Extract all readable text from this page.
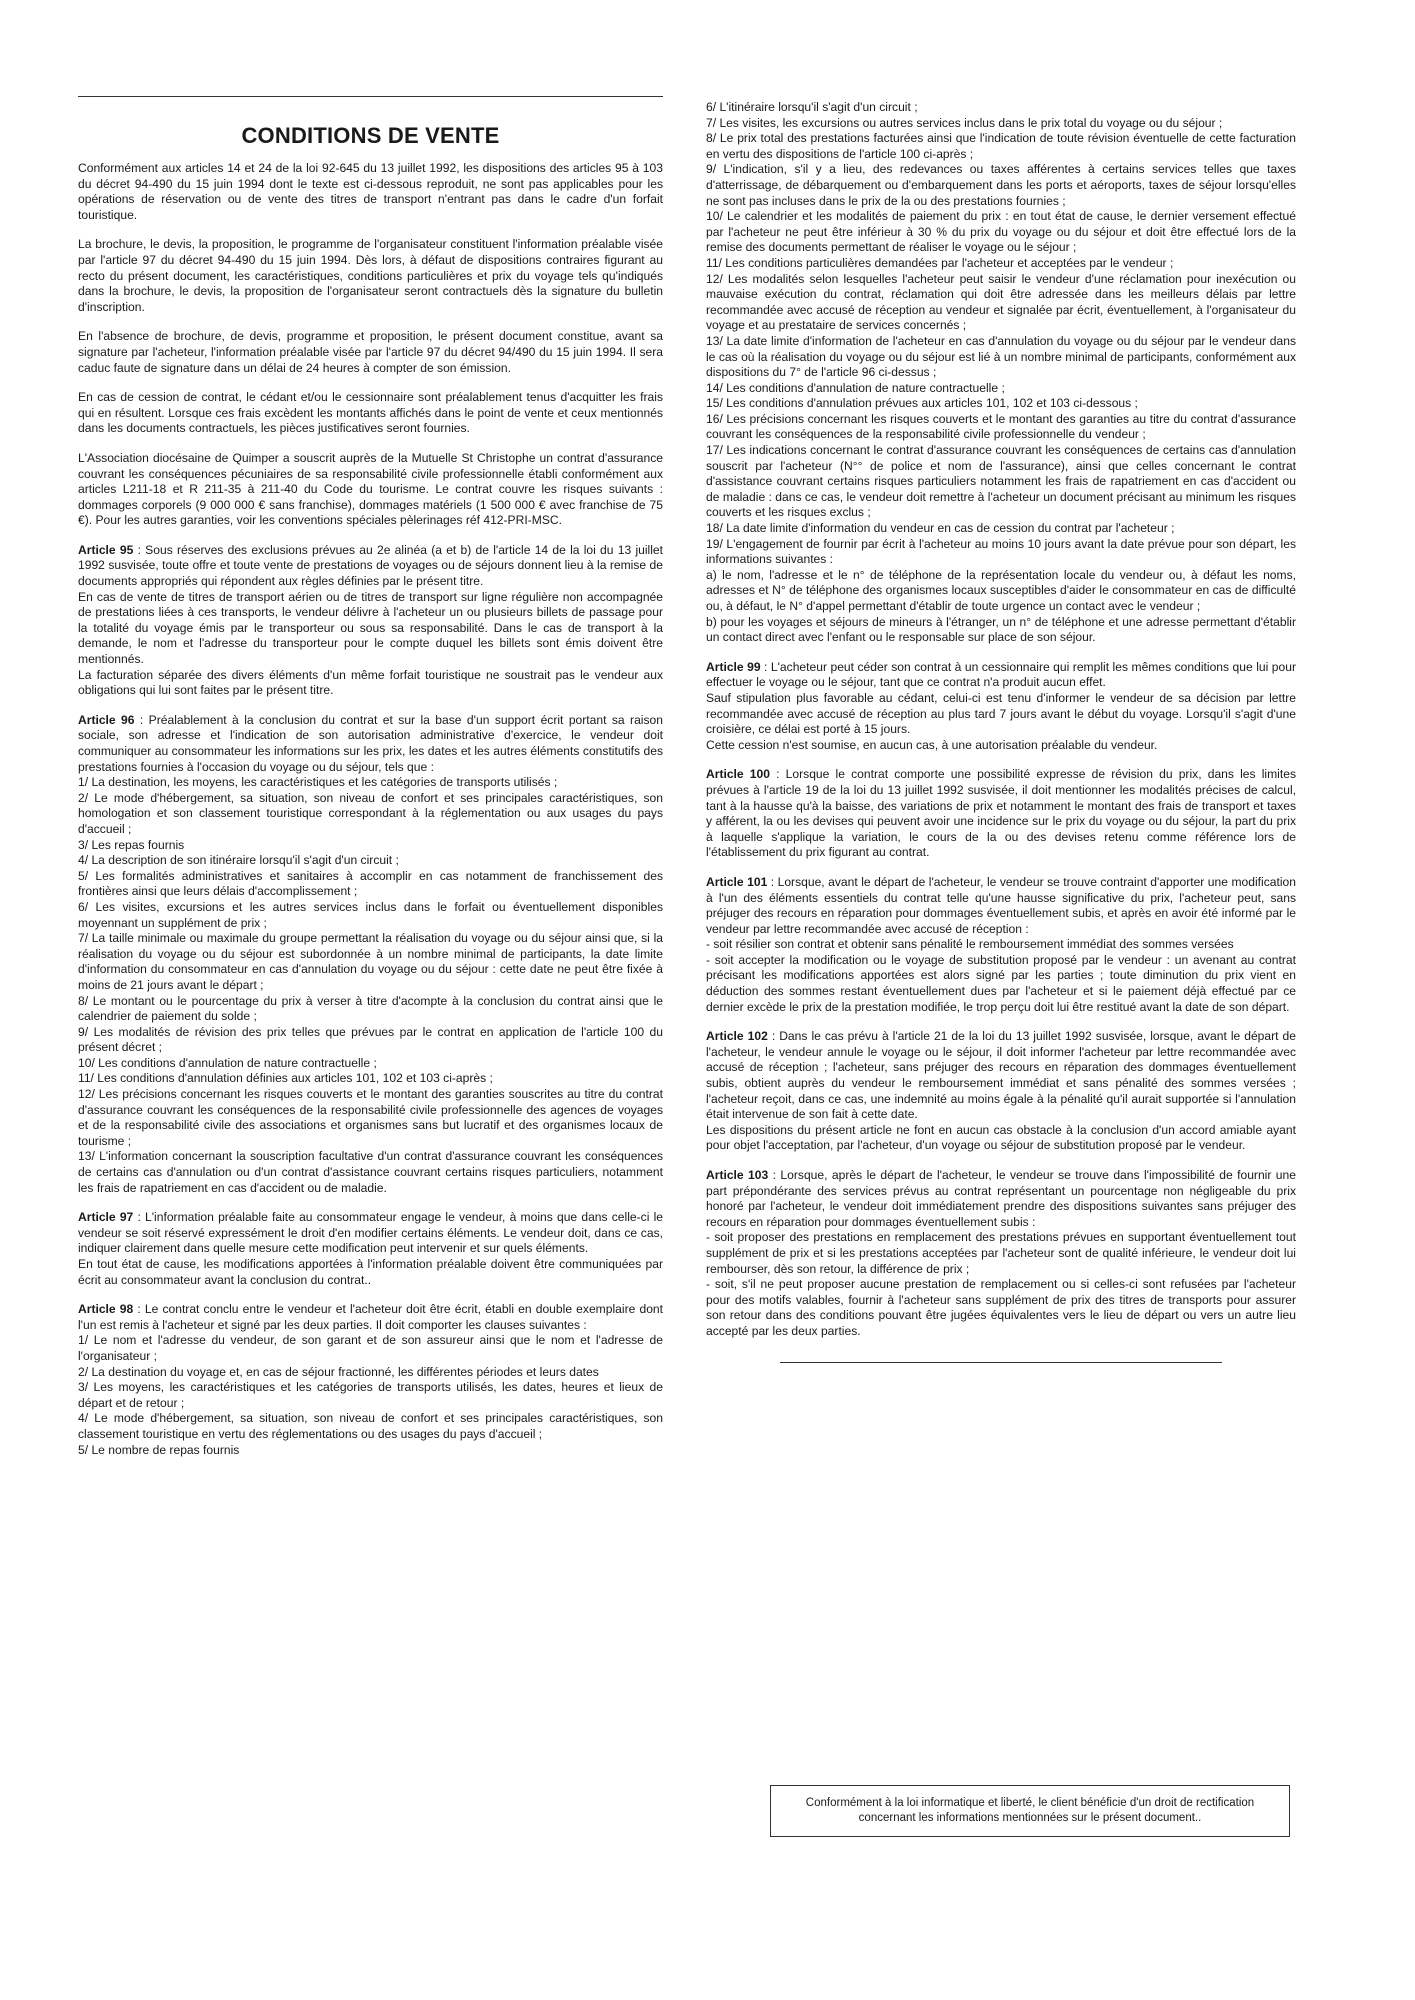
CONDITIONS DE VENTE
Conformément aux articles 14 et 24 de la loi 92-645 du 13 juillet 1992, les dispositions des articles 95 à 103 du décret 94-490 du 15 juin 1994 dont le texte est ci-dessous reproduit, ne sont pas applicables pour les opérations de réservation ou de vente des titres de transport n'entrant pas dans le cadre d'un forfait touristique.
La brochure, le devis, la proposition, le programme de l'organisateur constituent l'information préalable visée par l'article 97 du décret 94-490 du 15 juin 1994. Dès lors, à défaut de dispositions contraires figurant au recto du présent document, les caractéristiques, conditions particulières et prix du voyage tels qu'indiqués dans la brochure, le devis, la proposition de l'organisateur seront contractuels dès la signature du bulletin d'inscription.
En l'absence de brochure, de devis, programme et proposition, le présent document constitue, avant sa signature par l'acheteur, l'information préalable visée par l'article 97 du décret 94/490 du 15 juin 1994. Il sera caduc faute de signature dans un délai de 24 heures à compter de son émission.
En cas de cession de contrat, le cédant et/ou le cessionnaire sont préalablement tenus d'acquitter les frais qui en résultent. Lorsque ces frais excèdent les montants affichés dans le point de vente et ceux mentionnés dans les documents contractuels, les pièces justificatives seront fournies.
L'Association diocésaine de Quimper a souscrit auprès de la Mutuelle St Christophe un contrat d'assurance couvrant les conséquences pécuniaires de sa responsabilité civile professionnelle établi conformément aux articles L211-18 et R 211-35 à 211-40 du Code du tourisme. Le contrat couvre les risques suivants : dommages corporels (9 000 000 € sans franchise), dommages matériels (1 500 000 € avec franchise de 75 €). Pour les autres garanties, voir les conventions spéciales pèlerinages réf 412-PRI-MSC.
Article 95 : Sous réserves des exclusions prévues au 2e alinéa (a et b) de l'article 14 de la loi du 13 juillet 1992 susvisée, toute offre et toute vente de prestations de voyages ou de séjours donnent lieu à la remise de documents appropriés qui répondent aux règles définies par le présent titre.
En cas de vente de titres de transport aérien ou de titres de transport sur ligne régulière non accompagnée de prestations liées à ces transports, le vendeur délivre à l'acheteur un ou plusieurs billets de passage pour la totalité du voyage émis par le transporteur ou sous sa responsabilité. Dans le cas de transport à la demande, le nom et l'adresse du transporteur pour le compte duquel les billets sont émis doivent être mentionnés.
La facturation séparée des divers éléments d'un même forfait touristique ne soustrait pas le vendeur aux obligations qui lui sont faites par le présent titre.
Article 96 : Préalablement à la conclusion du contrat et sur la base d'un support écrit portant sa raison sociale, son adresse et l'indication de son autorisation administrative d'exercice, le vendeur doit communiquer au consommateur les informations sur les prix, les dates et les autres éléments constitutifs des prestations fournies à l'occasion du voyage ou du séjour, tels que :
1/ La destination, les moyens, les caractéristiques et les catégories de transports utilisés ;
2/ Le mode d'hébergement, sa situation, son niveau de confort et ses principales caractéristiques, son homologation et son classement touristique correspondant à la réglementation ou aux usages du pays d'accueil ;
3/ Les repas fournis
4/ La description de son itinéraire lorsqu'il s'agit d'un circuit ;
5/ Les formalités administratives et sanitaires à accomplir en cas notamment de franchissement des frontières ainsi que leurs délais d'accomplissement ;
6/ Les visites, excursions et les autres services inclus dans le forfait ou éventuellement disponibles moyennant un supplément de prix ;
7/ La taille minimale ou maximale du groupe permettant la réalisation du voyage ou du séjour ainsi que, si la réalisation du voyage ou du séjour est subordonnée à un nombre minimal de participants, la date limite d'information du consommateur en cas d'annulation du voyage ou du séjour : cette date ne peut être fixée à moins de 21 jours avant le départ ;
8/ Le montant ou le pourcentage du prix à verser à titre d'acompte à la conclusion du contrat ainsi que le calendrier de paiement du solde ;
9/ Les modalités de révision des prix telles que prévues par le contrat en application de l'article 100 du présent décret ;
10/ Les conditions d'annulation de nature contractuelle ;
11/ Les conditions d'annulation définies aux articles 101, 102 et 103 ci-après ;
12/ Les précisions concernant les risques couverts et le montant des garanties souscrites au titre du contrat d'assurance couvrant les conséquences de la responsabilité civile professionnelle des agences de voyages et de la responsabilité civile des associations et organismes sans but lucratif et des organismes locaux de tourisme ;
13/ L'information concernant la souscription facultative d'un contrat d'assurance couvrant les conséquences de certains cas d'annulation ou d'un contrat d'assistance couvrant certains risques particuliers, notamment les frais de rapatriement en cas d'accident ou de maladie.
Article 97 : L'information préalable faite au consommateur engage le vendeur, à moins que dans celle-ci le vendeur se soit réservé expressément le droit d'en modifier certains éléments. Le vendeur doit, dans ce cas, indiquer clairement dans quelle mesure cette modification peut intervenir et sur quels éléments.
En tout état de cause, les modifications apportées à l'information préalable doivent être communiquées par écrit au consommateur avant la conclusion du contrat..
Article 98 : Le contrat conclu entre le vendeur et l'acheteur doit être écrit, établi en double exemplaire dont l'un est remis à l'acheteur et signé par les deux parties. Il doit comporter les clauses suivantes :
1/ Le nom et l'adresse du vendeur, de son garant et de son assureur ainsi que le nom et l'adresse de l'organisateur ;
2/ La destination du voyage et, en cas de séjour fractionné, les différentes périodes et leurs dates
3/ Les moyens, les caractéristiques et les catégories de transports utilisés, les dates, heures et lieux de départ et de retour ;
4/ Le mode d'hébergement, sa situation, son niveau de confort et ses principales caractéristiques, son classement touristique en vertu des réglementations ou des usages du pays d'accueil ;
5/ Le nombre de repas fournis
6/ L'itinéraire lorsqu'il s'agit d'un circuit ;
7/ Les visites, les excursions ou autres services inclus dans le prix total du voyage ou du séjour ;
8/ Le prix total des prestations facturées ainsi que l'indication de toute révision éventuelle de cette facturation en vertu des dispositions de l'article 100 ci-après ;
9/ L'indication, s'il y a lieu, des redevances ou taxes afférentes à certains services telles que taxes d'atterrissage, de débarquement ou d'embarquement dans les ports et aéroports, taxes de séjour lorsqu'elles ne sont pas incluses dans le prix de la ou des prestations fournies ;
10/ Le calendrier et les modalités de paiement du prix : en tout état de cause, le dernier versement effectué par l'acheteur ne peut être inférieur à 30 % du prix du voyage ou du séjour et doit être effectué lors de la remise des documents permettant de réaliser le voyage ou le séjour ;
11/ Les conditions particulières demandées par l'acheteur et acceptées par le vendeur ;
12/ Les modalités selon lesquelles l'acheteur peut saisir le vendeur d'une réclamation pour inexécution ou mauvaise exécution du contrat, réclamation qui doit être adressée dans les meilleurs délais par lettre recommandée avec accusé de réception au vendeur et signalée par écrit, éventuellement, à l'organisateur du voyage et au prestataire de services concernés ;
13/ La date limite d'information de l'acheteur en cas d'annulation du voyage ou du séjour par le vendeur dans le cas où la réalisation du voyage ou du séjour est lié à un nombre minimal de participants, conformément aux dispositions du 7° de l'article 96 ci-dessus ;
14/ Les conditions d'annulation de nature contractuelle ;
15/ Les conditions d'annulation prévues aux articles 101, 102 et 103 ci-dessous ;
16/ Les précisions concernant les risques couverts et le montant des garanties au titre du contrat d'assurance couvrant les conséquences de la responsabilité civile professionnelle du vendeur ;
17/ Les indications concernant le contrat d'assurance couvrant les conséquences de certains cas d'annulation souscrit par l'acheteur (N°° de police et nom de l'assurance), ainsi que celles concernant le contrat d'assistance couvrant certains risques particuliers notamment les frais de rapatriement en cas d'accident ou de maladie : dans ce cas, le vendeur doit remettre à l'acheteur un document précisant au minimum les risques couverts et les risques exclus ;
18/ La date limite d'information du vendeur en cas de cession du contrat par l'acheteur ;
19/ L'engagement de fournir par écrit à l'acheteur au moins 10 jours avant la date prévue pour son départ, les informations suivantes :
a) le nom, l'adresse et le n° de téléphone de la représentation locale du vendeur ou, à défaut les noms, adresses et N° de téléphone des organismes locaux susceptibles d'aider le consommateur en cas de difficulté ou, à défaut, le N° d'appel permettant d'établir de toute urgence un contact avec le vendeur ;
b) pour les voyages et séjours de mineurs à l'étranger, un n° de téléphone et une adresse permettant d'établir un contact direct avec l'enfant ou le responsable sur place de son séjour.
Article 99 : L'acheteur peut céder son contrat à un cessionnaire qui remplit les mêmes conditions que lui pour effectuer le voyage ou le séjour, tant que ce contrat n'a produit aucun effet.
Sauf stipulation plus favorable au cédant, celui-ci est tenu d'informer le vendeur de sa décision par lettre recommandée avec accusé de réception au plus tard 7 jours avant le début du voyage. Lorsqu'il s'agit d'une croisière, ce délai est porté à 15 jours.
Cette cession n'est soumise, en aucun cas, à une autorisation préalable du vendeur.
Article 100 : Lorsque le contrat comporte une possibilité expresse de révision du prix, dans les limites prévues à l'article 19 de la loi du 13 juillet 1992 susvisée, il doit mentionner les modalités précises de calcul, tant à la hausse qu'à la baisse, des variations de prix et notamment le montant des frais de transport et taxes y afférent, la ou les devises qui peuvent avoir une incidence sur le prix du voyage ou du séjour, la part du prix à laquelle s'applique la variation, le cours de la ou des devises retenu comme référence lors de l'établissement du prix figurant au contrat.
Article 101 : Lorsque, avant le départ de l'acheteur, le vendeur se trouve contraint d'apporter une modification à l'un des éléments essentiels du contrat telle qu'une hausse significative du prix, l'acheteur peut, sans préjuger des recours en réparation pour dommages éventuellement subis, et après en avoir été informé par le vendeur par lettre recommandée avec accusé de réception :
- soit résilier son contrat et obtenir sans pénalité le remboursement immédiat des sommes versées
- soit accepter la modification ou le voyage de substitution proposé par le vendeur : un avenant au contrat précisant les modifications apportées est alors signé par les parties ; toute diminution du prix vient en déduction des sommes restant éventuellement dues par l'acheteur et si le paiement déjà effectué par ce dernier excède le prix de la prestation modifiée, le trop perçu doit lui être restitué avant la date de son départ.
Article 102 : Dans le cas prévu à l'article 21 de la loi du 13 juillet 1992 susvisée, lorsque, avant le départ de l'acheteur, le vendeur annule le voyage ou le séjour, il doit informer l'acheteur par lettre recommandée avec accusé de réception ; l'acheteur, sans préjuger des recours en réparation des dommages éventuellement subis, obtient auprès du vendeur le remboursement immédiat et sans pénalité des sommes versées ; l'acheteur reçoit, dans ce cas, une indemnité au moins égale à la pénalité qu'il aurait supportée si l'annulation était intervenue de son fait à cette date.
Les dispositions du présent article ne font en aucun cas obstacle à la conclusion d'un accord amiable ayant pour objet l'acceptation, par l'acheteur, d'un voyage ou séjour de substitution proposé par le vendeur.
Article 103 : Lorsque, après le départ de l'acheteur, le vendeur se trouve dans l'impossibilité de fournir une part prépondérante des services prévus au contrat représentant un pourcentage non négligeable du prix honoré par l'acheteur, le vendeur doit immédiatement prendre des dispositions suivantes sans préjuger des recours en réparation pour dommages éventuellement subis :
- soit proposer des prestations en remplacement des prestations prévues en supportant éventuellement tout supplément de prix et si les prestations acceptées par l'acheteur sont de qualité inférieure, le vendeur doit lui rembourser, dès son retour, la différence de prix ;
- soit, s'il ne peut proposer aucune prestation de remplacement ou si celles-ci sont refusées par l'acheteur pour des motifs valables, fournir à l'acheteur sans supplément de prix des titres de transports pour assurer son retour dans des conditions pouvant être jugées équivalentes vers le lieu de départ ou vers un autre lieu accepté par les deux parties.
Conformément à la loi informatique et liberté, le client bénéficie d'un droit de rectification concernant les informations mentionnées sur le présent document..
